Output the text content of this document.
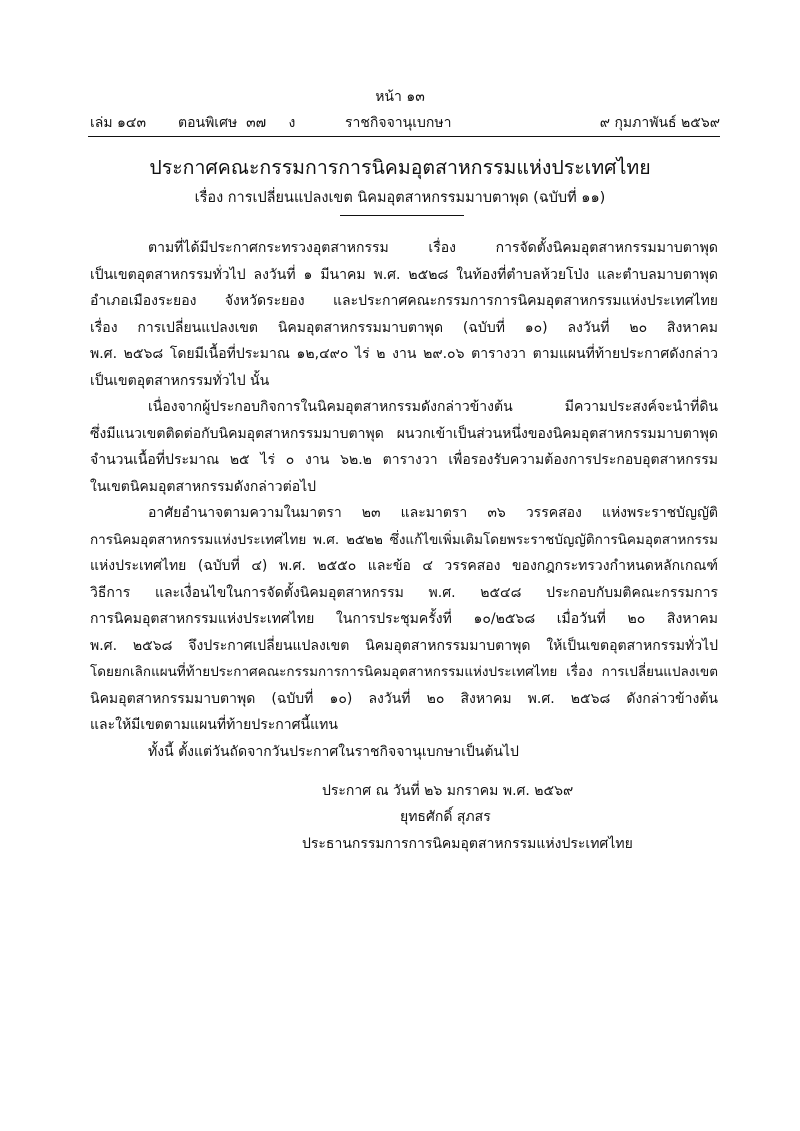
หน้า ๑๓
เล่ม ๑๔๓ ตอนพิเศษ  ๓๗     ง	ราชกิจจานุเบกษา	๙ กุมภาพันธ์ ๒๕๖๙
ประกาศคณะกรรมการการนิคมอุตสาหกรรมแห่งประเทศไทย
เรื่อง การเปลี่ยนแปลงเขต นิคมอุตสาหกรรมมาบตาพุด (ฉบับที่ ๑๑)
ตามที่ได้มีประกาศกระทรวงอุตสาหกรรม เรื่อง การจัดตั้งนิคมอุตสาหกรรมมาบตาพุด
เป็นเขตอุตสาหกรรมทั่วไป ลงวันที่ ๑ มีนาคม พ.ศ. ๒๕๒๘ ในท้องที่ตำบลห้วยโป่ง และตำบลมาบตาพุด
อำเภอเมืองระยอง จังหวัดระยอง และประกาศคณะกรรมการการนิคมอุตสาหกรรมแห่งประเทศไทย
เรื่อง การเปลี่ยนแปลงเขต นิคมอุตสาหกรรมมาบตาพุด (ฉบับที่ ๑๐) ลงวันที่ ๒๐ สิงหาคม
พ.ศ. ๒๕๖๘ โดยมีเนื้อที่ประมาณ ๑๒,๔๙๐ ไร่ ๒ งาน ๒๙.๐๖ ตารางวา ตามแผนที่ท้ายประกาศดังกล่าว
เป็นเขตอุตสาหกรรมทั่วไป นั้น
เนื่องจากผู้ประกอบกิจการในนิคมอุตสาหกรรมดังกล่าวข้างต้น มีความประสงค์จะนำที่ดิน
ซึ่งมีแนวเขตติดต่อกับนิคมอุตสาหกรรมมาบตาพุด ผนวกเข้าเป็นส่วนหนึ่งของนิคมอุตสาหกรรมมาบตาพุด
จำนวนเนื้อที่ประมาณ ๒๕ ไร่ ๐ งาน ๖๒.๒ ตารางวา เพื่อรองรับความต้องการประกอบอุตสาหกรรม
ในเขตนิคมอุตสาหกรรมดังกล่าวต่อไป
อาศัยอำนาจตามความในมาตรา ๒๓ และมาตรา ๓๖ วรรคสอง แห่งพระราชบัญญัติ
การนิคมอุตสาหกรรมแห่งประเทศไทย พ.ศ. ๒๕๒๒ ซึ่งแก้ไขเพิ่มเติมโดยพระราชบัญญัติการนิคมอุตสาหกรรม
แห่งประเทศไทย (ฉบับที่ ๔) พ.ศ. ๒๕๕๐ และข้อ ๔ วรรคสอง ของกฎกระทรวงกำหนดหลักเกณฑ์
วิธีการ และเงื่อนไขในการจัดตั้งนิคมอุตสาหกรรม พ.ศ. ๒๕๔๘ ประกอบกับมติคณะกรรมการ
การนิคมอุตสาหกรรมแห่งประเทศไทย ในการประชุมครั้งที่ ๑๐/๒๕๖๘ เมื่อวันที่ ๒๐ สิงหาคม
พ.ศ. ๒๕๖๘ จึงประกาศเปลี่ยนแปลงเขต นิคมอุตสาหกรรมมาบตาพุด ให้เป็นเขตอุตสาหกรรมทั่วไป
โดยยกเลิกแผนที่ท้ายประกาศคณะกรรมการการนิคมอุตสาหกรรมแห่งประเทศไทย เรื่อง การเปลี่ยนแปลงเขต
นิคมอุตสาหกรรมมาบตาพุด (ฉบับที่ ๑๐) ลงวันที่ ๒๐ สิงหาคม พ.ศ. ๒๕๖๘ ดังกล่าวข้างต้น
และให้มีเขตตามแผนที่ท้ายประกาศนี้แทน
ทั้งนี้ ตั้งแต่วันถัดจากวันประกาศในราชกิจจานุเบกษาเป็นต้นไป
ประกาศ ณ วันที่ ๒๖ มกราคม พ.ศ. ๒๕๖๙
ยุทธศักดิ์ สุภสร
ประธานกรรมการการนิคมอุตสาหกรรมแห่งประเทศไทย
